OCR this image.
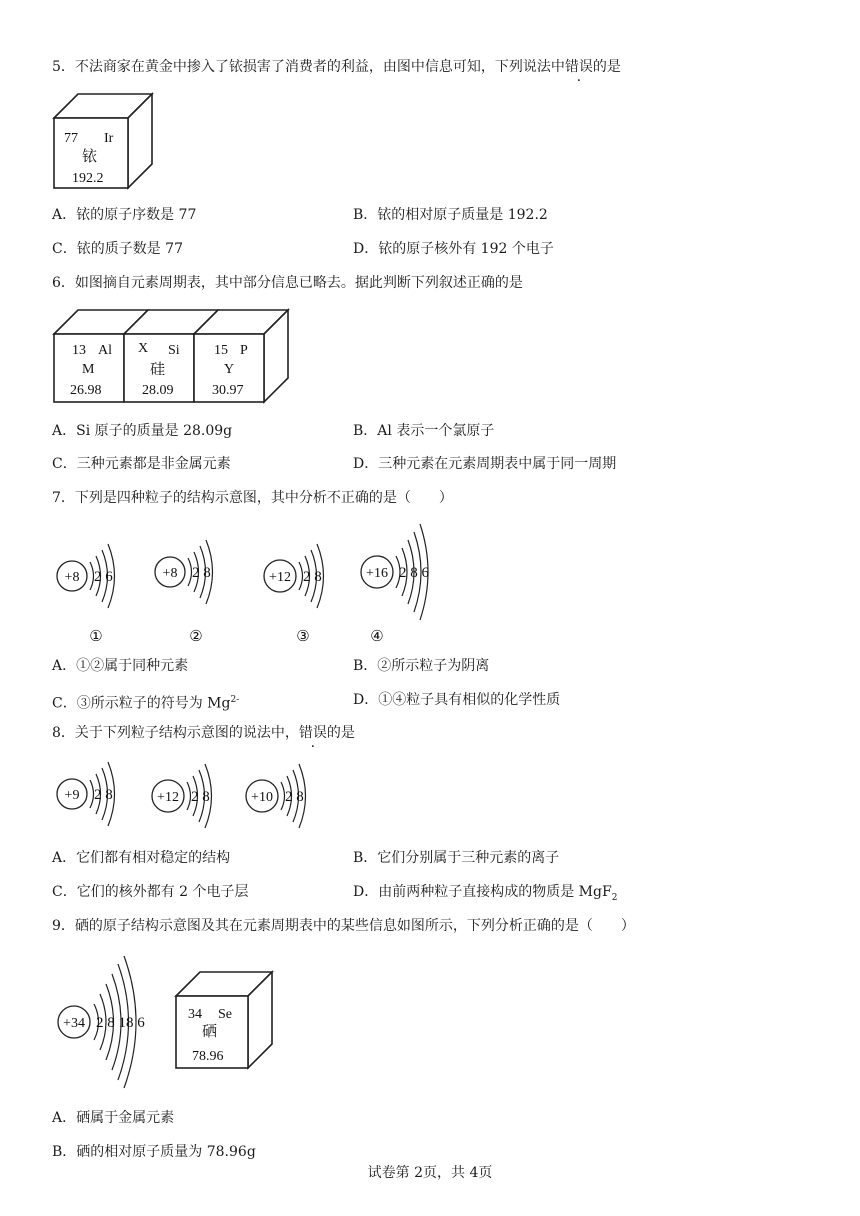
5．不法商家在黄金中掺入了铱损害了消费者的利益，由图中信息可知，下列说法中错误的是
77 Ir
铱
192.2
A．铱的原子序数是 77	B．铱的相对原子质量是 192.2
C．铱的质子数是 77	D．铱的原子核外有 192 个电子
6．如图摘自元素周期表，其中部分信息已略去。据此判断下列叙述正确的是
13 Al
M
26.98
X Si
硅
28.09
15 P
Y
30.97
A．Si 原子的质量是 28.09g	B．Al 表示一个氯原子
C．三种元素都是非金属元素	D．三种元素在元素周期表中属于同一周期
7．下列是四种粒子的结构示意图，其中分析不正确的是（　　）
+8 2 6
①
+8 2 8
②
+12 2 8
③
+16 2 8 6
④
A．①②属于同种元素	B．②所示粒子为阴离
C．③所示粒子的符号为 $Mg^{2-}$	D．①④粒子具有相似的化学性质
8．关于下列粒子结构示意图的说法中，错误的是
+9 2 8	+12 2 8	+10 2 8
A．它们都有相对稳定的结构	B．它们分别属于三种元素的离子
C．它们的核外都有 2 个电子层	D．由前两种粒子直接构成的物质是 MgF$_2$
9．硒的原子结构示意图及其在元素周期表中的某些信息如图所示，下列分析正确的是（　　）
+34 2 8 18 6
34 Se
硒
78.96
A．硒属于金属元素
B．硒的相对原子质量为 78.96g
试卷第 2页，共 4页
